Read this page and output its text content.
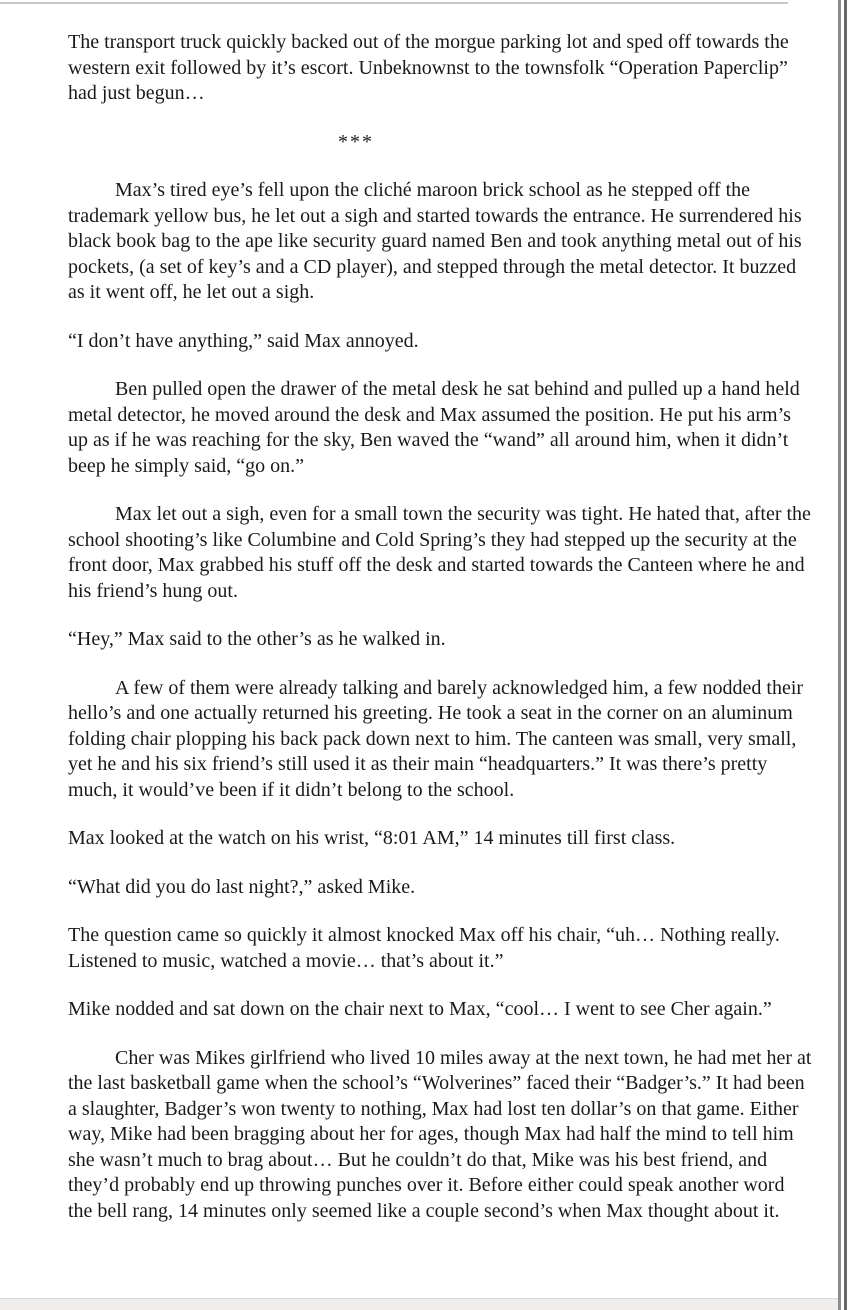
The transport truck quickly backed out of the morgue parking lot and sped off towards the western exit followed by it’s escort. Unbeknownst to the townsfolk “Operation Paperclip” had just begun…

***

Max’s tired eye’s fell upon the cliché maroon brick school as he stepped off the trademark yellow bus, he let out a sigh and started towards the entrance. He surrendered his black book bag to the ape like security guard named Ben and took anything metal out of his pockets, (a set of key’s and a CD player), and stepped through the metal detector. It buzzed as it went off, he let out a sigh.

“I don’t have anything,” said Max annoyed.

Ben pulled open the drawer of the metal desk he sat behind and pulled up a hand held metal detector, he moved around the desk and Max assumed the position. He put his arm’s up as if he was reaching for the sky, Ben waved the “wand” all around him, when it didn’t beep he simply said, “go on.”

Max let out a sigh, even for a small town the security was tight. He hated that, after the school shooting’s like Columbine and Cold Spring’s they had stepped up the security at the front door, Max grabbed his stuff off the desk and started towards the Canteen where he and his friend’s hung out.

“Hey,” Max said to the other’s as he walked in.

A few of them were already talking and barely acknowledged him, a few nodded their hello’s and one actually returned his greeting. He took a seat in the corner on an aluminum folding chair plopping his back pack down next to him. The canteen was small, very small, yet he and his six friend’s still used it as their main “headquarters.” It was there’s pretty much, it would’ve been if it didn’t belong to the school.

Max looked at the watch on his wrist, “8:01 AM,” 14 minutes till first class.

“What did you do last night?,” asked Mike.

The question came so quickly it almost knocked Max off his chair, “uh… Nothing really. Listened to music, watched a movie… that’s about it.”

Mike nodded and sat down on the chair next to Max, “cool… I went to see Cher again.”

Cher was Mikes girlfriend who lived 10 miles away at the next town, he had met her at the last basketball game when the school’s “Wolverines” faced their “Badger’s.” It had been a slaughter, Badger’s won twenty to nothing, Max had lost ten dollar’s on that game. Either way, Mike had been bragging about her for ages, though Max had half the mind to tell him she wasn’t much to brag about… But he couldn’t do that, Mike was his best friend, and they’d probably end up throwing punches over it. Before either could speak another word the bell rang, 14 minutes only seemed like a couple second’s when Max thought about it.
